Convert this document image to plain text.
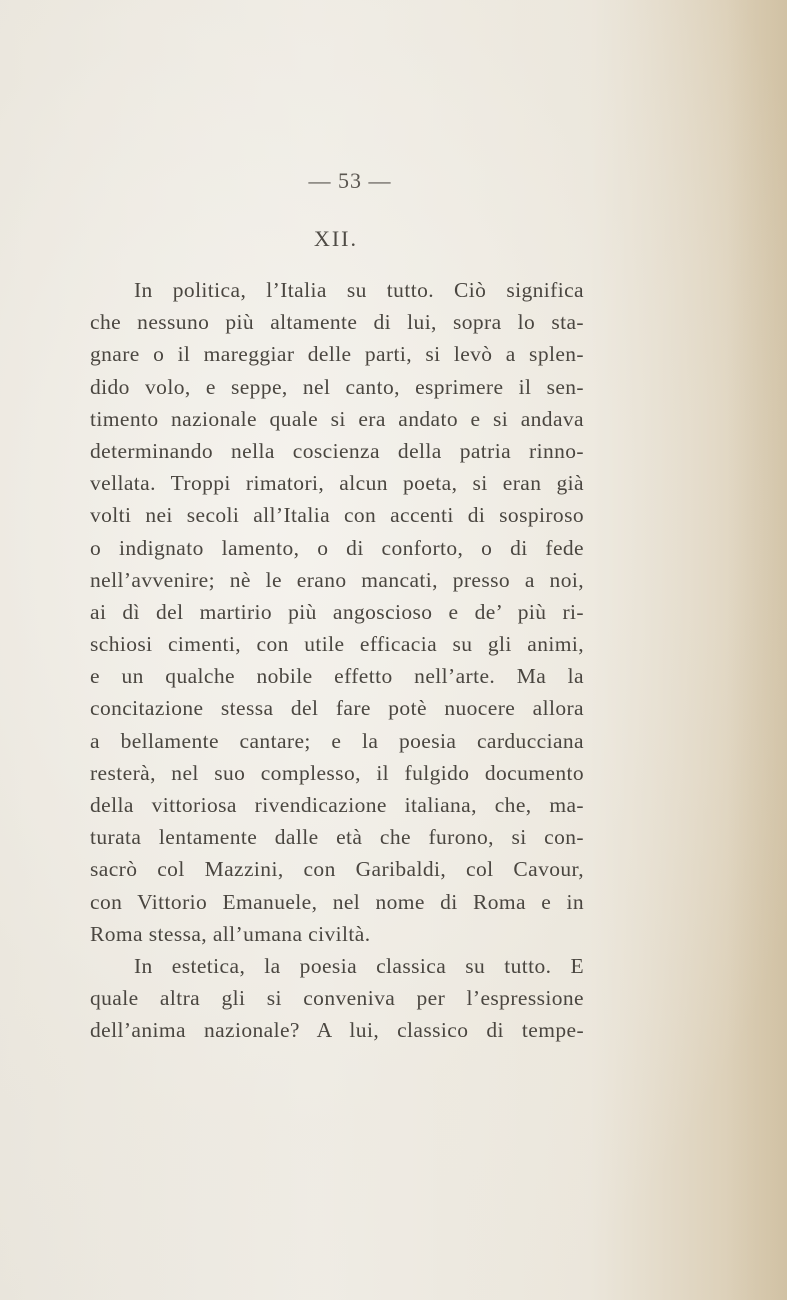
— 53 —
XII.
In politica, l’Italia su tutto. Ciò significa
che nessuno più altamente di lui, sopra lo sta-
gnare o il mareggiar delle parti, si levò a splen-
dido volo, e seppe, nel canto, esprimere il sen-
timento nazionale quale si era andato e si andava
determinando nella coscienza della patria rinno-
vellata. Troppi rimatori, alcun poeta, si eran già
volti nei secoli all’Italia con accenti di sospiroso
o indignato lamento, o di conforto, o di fede
nell’avvenire; nè le erano mancati, presso a noi,
ai dì del martirio più angoscioso e de’ più ri-
schiosi cimenti, con utile efficacia su gli animi,
e un qualche nobile effetto nell’arte. Ma la
concitazione stessa del fare potè nuocere allora
a bellamente cantare; e la poesia carducciana
resterà, nel suo complesso, il fulgido documento
della vittoriosa rivendicazione italiana, che, ma-
turata lentamente dalle età che furono, si con-
sacrò col Mazzini, con Garibaldi, col Cavour,
con Vittorio Emanuele, nel nome di Roma e in
Roma stessa, all’umana civiltà.
In estetica, la poesia classica su tutto. E
quale altra gli si conveniva per l’espressione
dell’anima nazionale? A lui, classico di tempe-
